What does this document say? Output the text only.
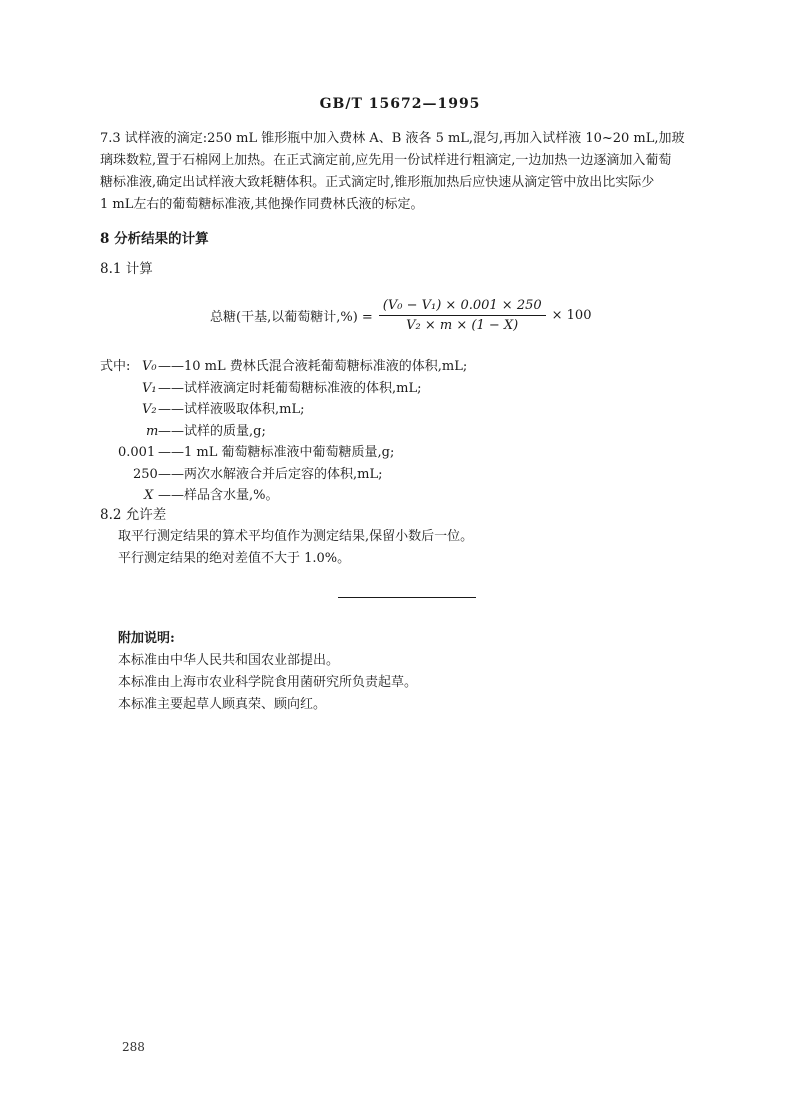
GB/T 15672—1995
7.3 试样液的滴定:250 mL 锥形瓶中加入费林 A、B 液各 5 mL,混匀,再加入试样液 10~20 mL,加玻
璃珠数粒,置于石棉网上加热。在正式滴定前,应先用一份试样进行粗滴定,一边加热一边逐滴加入葡萄
糖标准液,确定出试样液大致耗糖体积。正式滴定时,锥形瓶加热后应快速从滴定管中放出比实际少
1 mL左右的葡萄糖标准液,其他操作同费林氏液的标定。
8 分析结果的计算
8.1 计算
总糖(干基,以葡萄糖计,%) = $\frac{\text{(V₀ − V₁) × 0.001 × 250}}{\text{V₂ × m × (1 − X)}} \times 100$
式中: V₀ ——10 mL 费林氏混合液耗葡萄糖标准液的体积,mL;
V₁ ——试样液滴定时耗葡萄糖标准液的体积,mL;
V₂ ——试样液吸取体积,mL;
m ——试样的质量,g;
0.001 ——1 mL 葡萄糖标准液中葡萄糖质量,g;
250 ——两次水解液合并后定容的体积,mL;
X ——样品含水量,%。
8.2 允许差
取平行测定结果的算术平均值作为测定结果,保留小数后一位。
平行测定结果的绝对差值不大于 1.0%。
附加说明:
本标准由中华人民共和国农业部提出。
本标准由上海市农业科学院食用菌研究所负责起草。
本标准主要起草人顾真荣、顾向红。
288
